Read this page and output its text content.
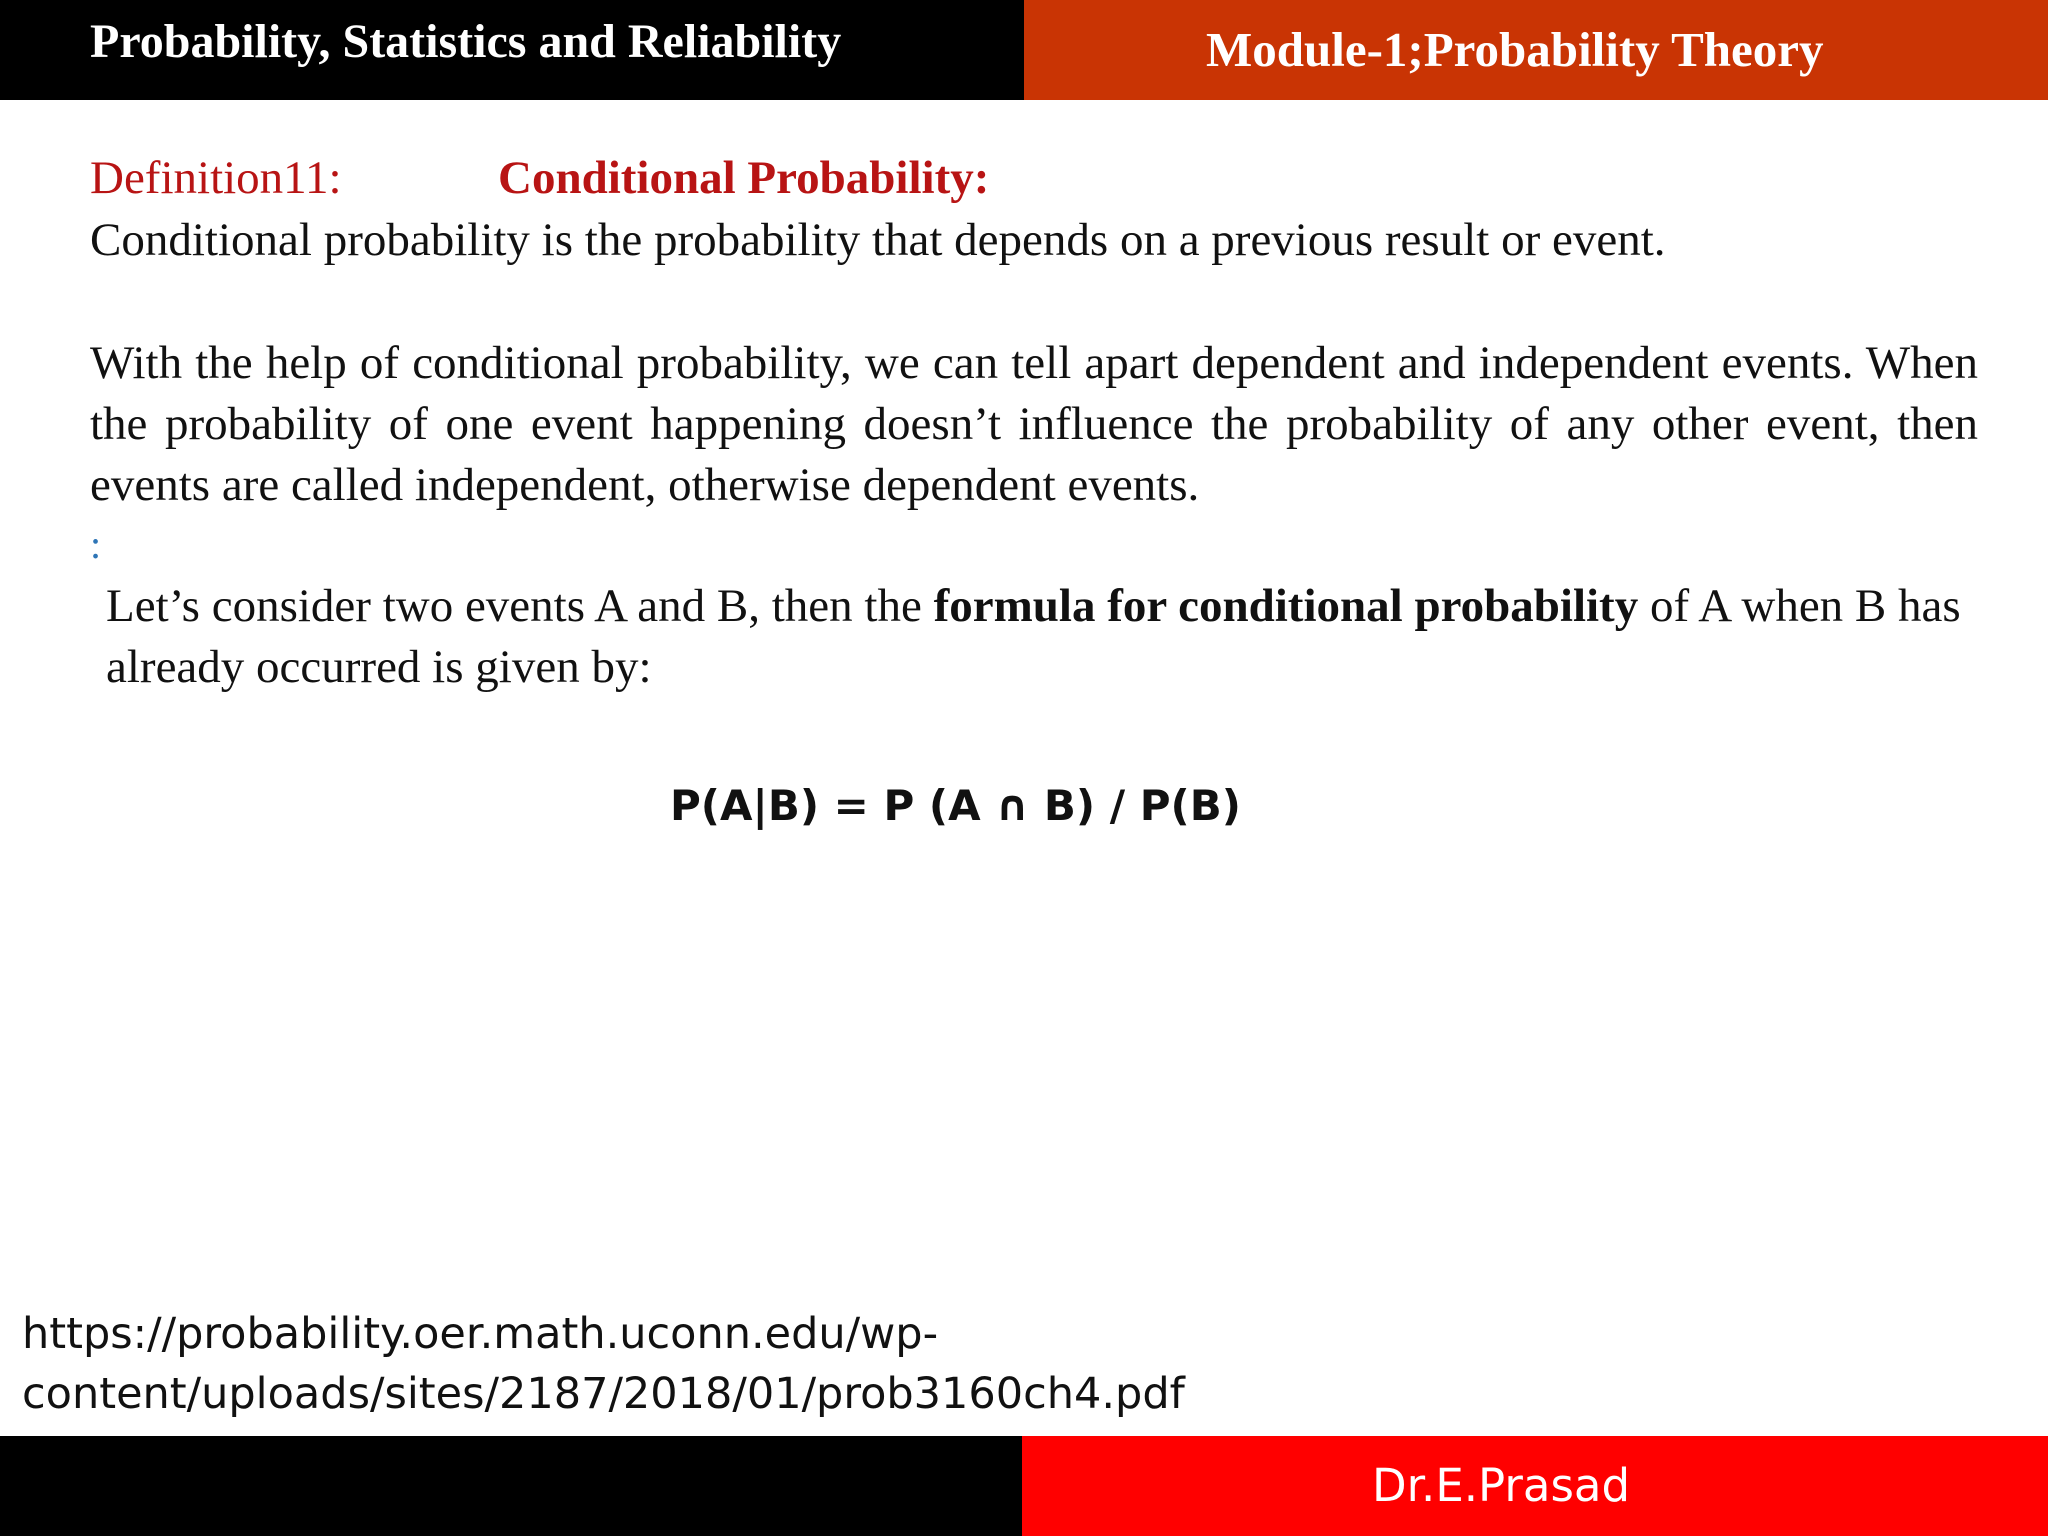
Probability, Statistics and Reliability	Module-1;Probability Theory
Definition11:	Conditional Probability:

Conditional probability is the probability that depends on a previous result or event.

With the help of conditional probability, we can tell apart dependent and independent events. When the probability of one event happening doesn’t influence the probability of any other event, then events are called independent, otherwise dependent events.

:

Let’s consider two events A and B, then the formula for conditional probability of A when B has already occurred is given by:

P(A|B) = P (A ∩ B) / P(B)

https://probability.oer.math.uconn.edu/wp-
content/uploads/sites/2187/2018/01/prob3160ch4.pdf

Dr.E.Prasad
